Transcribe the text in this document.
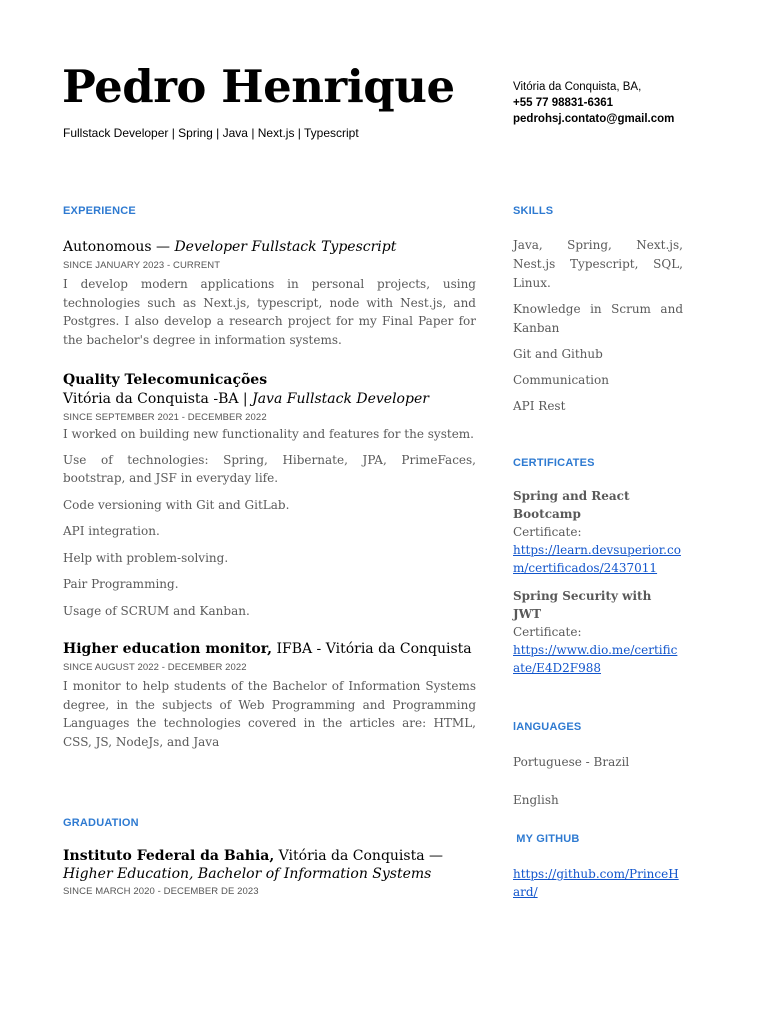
Pedro Henrique
Fullstack Developer | Spring | Java | Next.js | Typescript
Vitória da Conquista, BA,
+55 77 98831-6361
pedrohsj.contato@gmail.com
EXPERIENCE
Autonomous — Developer Fullstack Typescript
SINCE JANUARY 2023 - CURRENT

I develop modern applications in personal projects, using technologies such as Next.js, typescript, node with Nest.js, and Postgres. I also develop a research project for my Final Paper for the bachelor's degree in information systems.

Quality Telecomunicações
Vitória da Conquista -BA | Java Fullstack Developer
SINCE SEPTEMBER 2021 - DECEMBER 2022

I worked on building new functionality and features for the system.

Use of technologies: Spring, Hibernate, JPA, PrimeFaces, bootstrap, and JSF in everyday life.

Code versioning with Git and GitLab.

API integration.

Help with problem-solving.

Pair Programming.

Usage of SCRUM and Kanban.

Higher education monitor, IFBA - Vitória da Conquista
SINCE AUGUST 2022 - DECEMBER 2022

I monitor to help students of the Bachelor of Information Systems degree, in the subjects of Web Programming and Programming Languages the technologies covered in the articles are: HTML, CSS, JS, NodeJs, and Java

GRADUATION
Instituto Federal da Bahia, Vitória da Conquista — Higher Education, Bachelor of Information Systems
SINCE MARCH 2020 - DECEMBER DE 2023
SKILLS

Java, Spring, Next.js, Nest.js Typescript, SQL, Linux.

Knowledge in Scrum and Kanban

Git and Github

Communication

API Rest

CERTIFICATES

Spring and React Bootcamp

Certificate:

https://learn.devsuperior.com/certificados/2437011

Spring Security with JWT

Certificate:

https://www.dio.me/certificate/E4D2F988

lANGUAGES

Portuguese - Brazil

English

MY GITHUB

https://github.com/PrinceHard/
